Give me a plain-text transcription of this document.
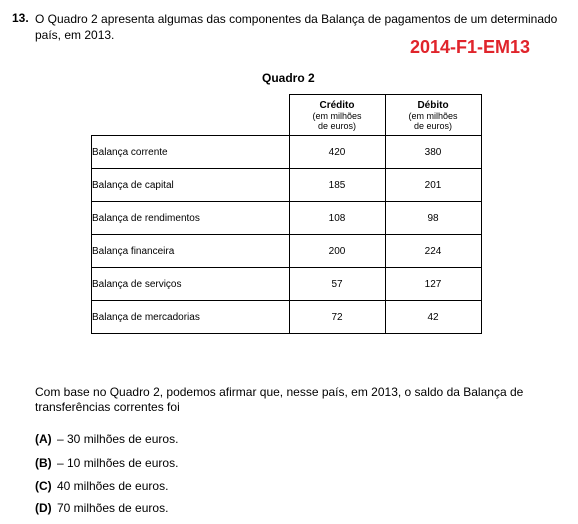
13. O Quadro 2 apresenta algumas das componentes da Balança de pagamentos de um determinado país, em 2013.
2014-F1-EM13
Quadro 2

	Crédito
(em milhões
de euros)	Débito
(em milhões
de euros)

Balança corrente	420	380
Balança de capital	185	201
Balança de rendimentos	108	98
Balança financeira	200	224
Balança de serviços	57	127
Balança de mercadorias	72	42
Com base no Quadro 2, podemos afirmar que, nesse país, em 2013, o saldo da Balança de transferências correntes foi
(A) – 30 milhões de euros.
(B) – 10 milhões de euros.
(C) 40 milhões de euros.
(D) 70 milhões de euros.
